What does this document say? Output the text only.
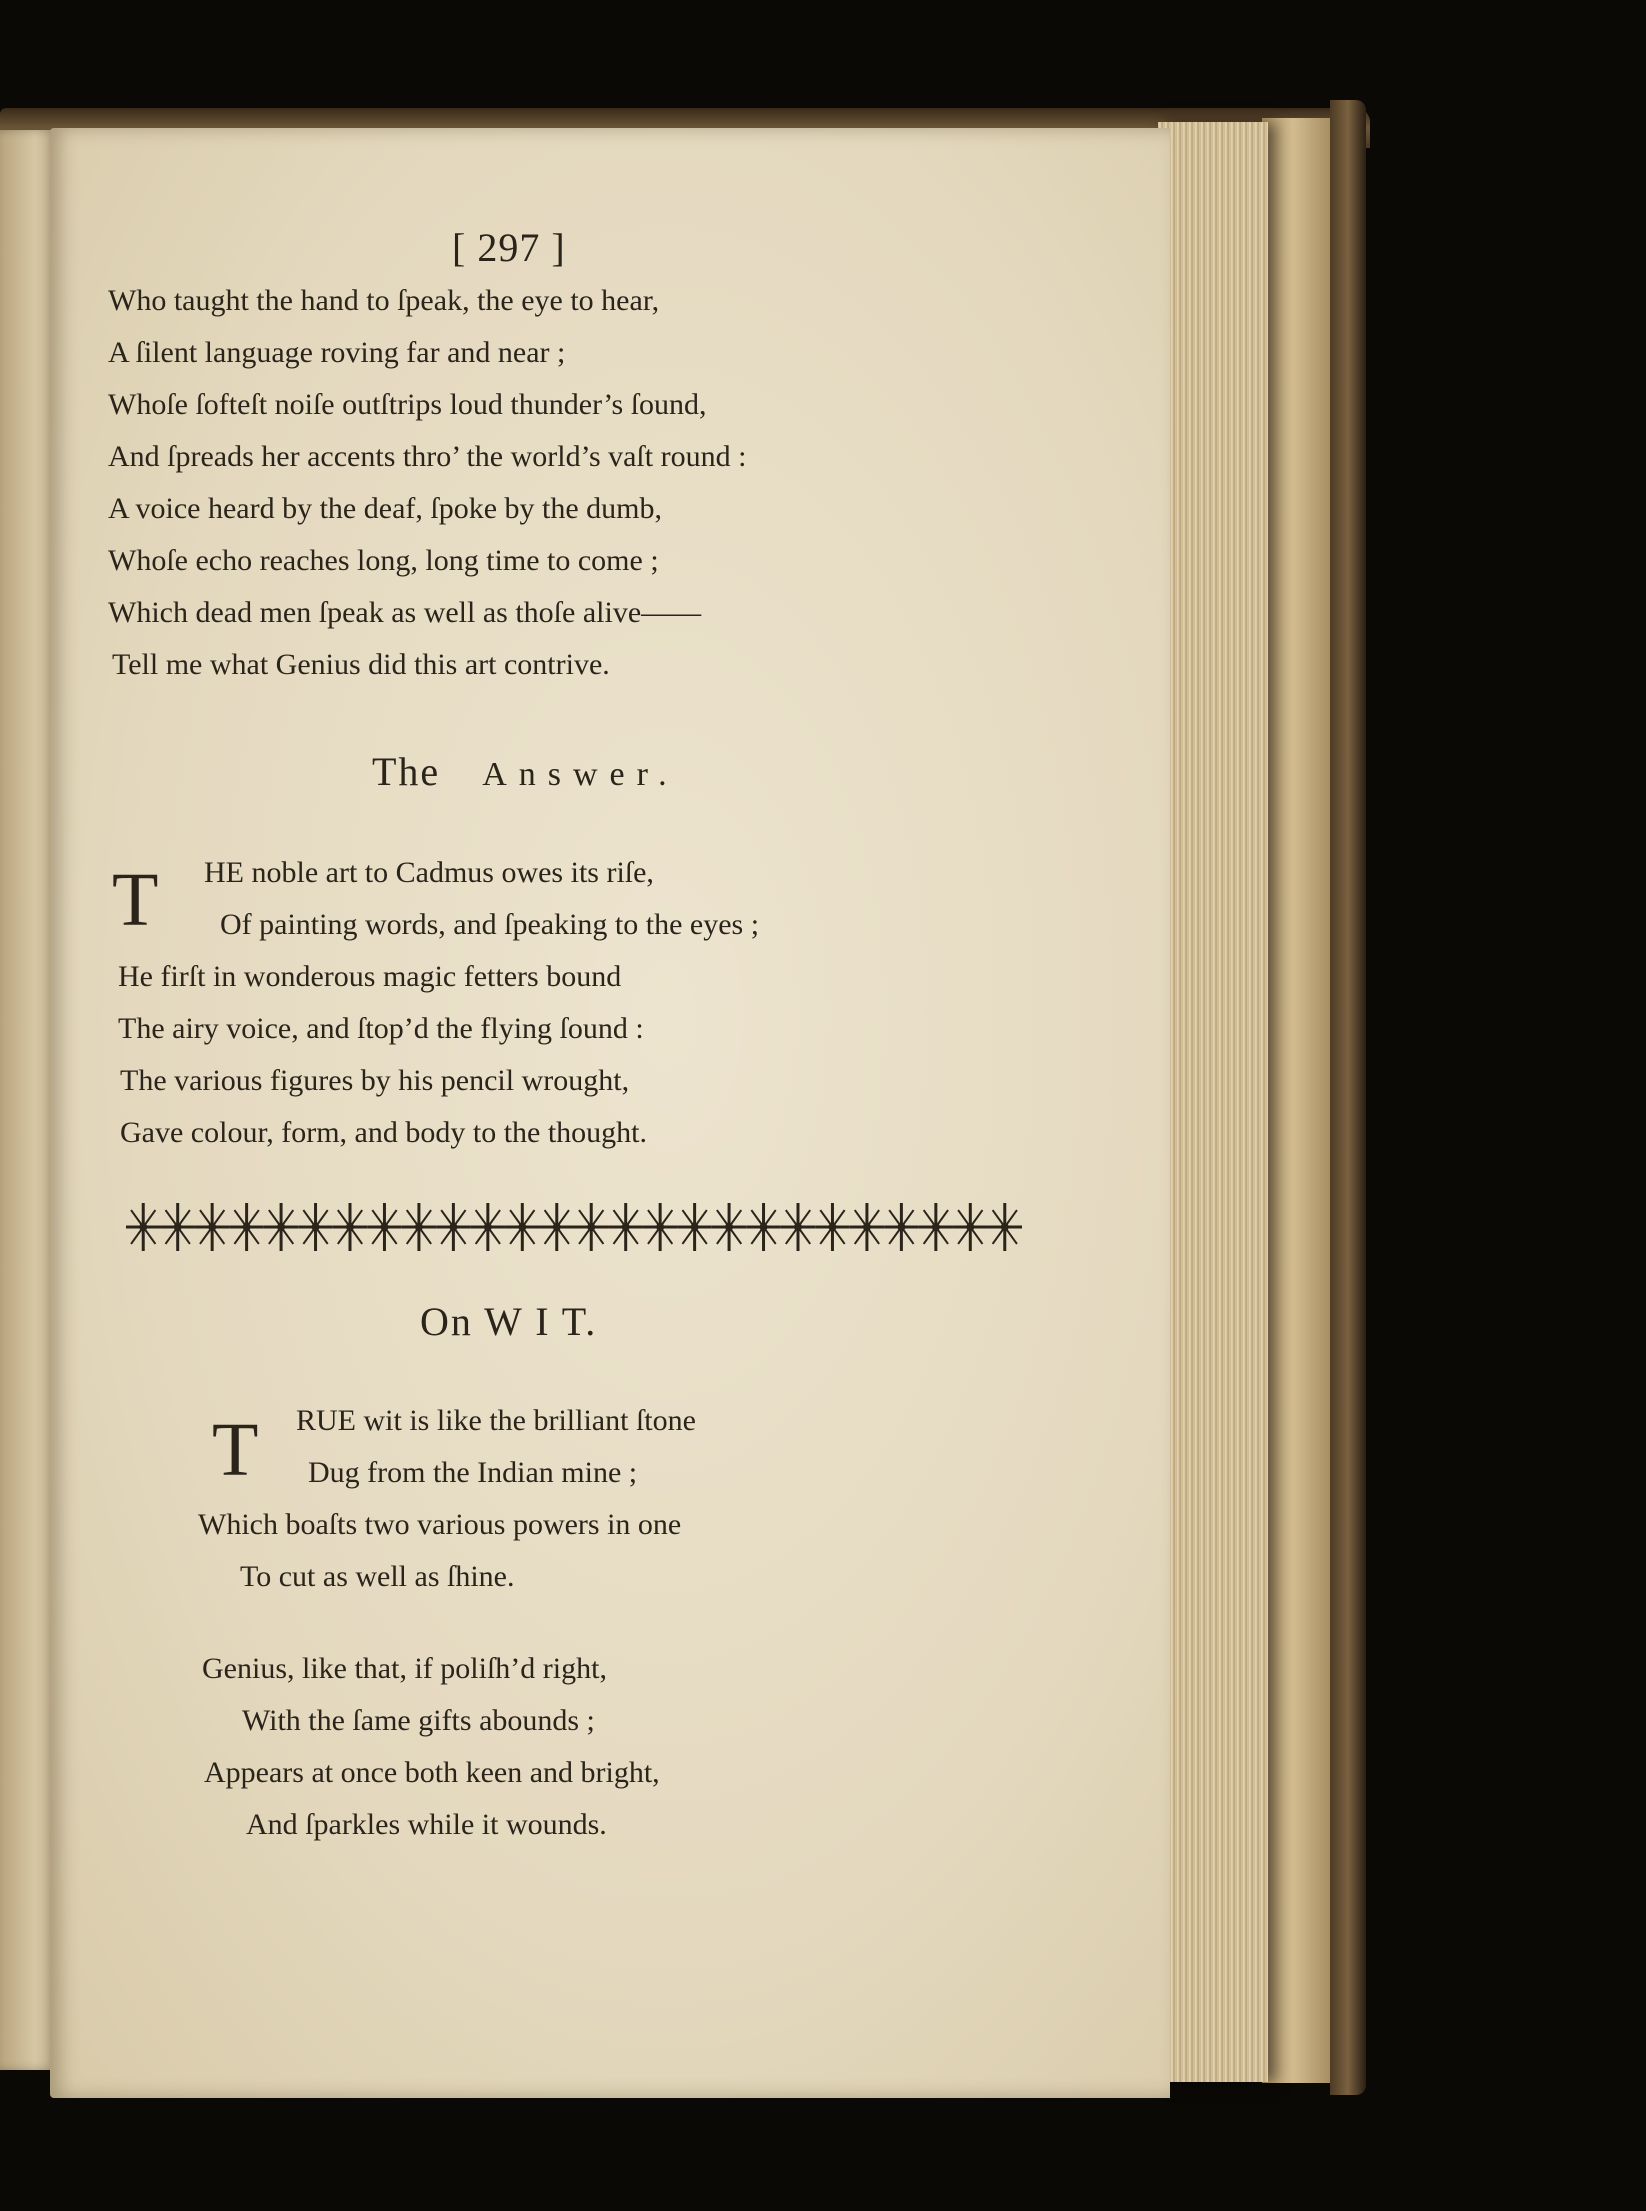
[ 297 ]
Who taught the hand to ſpeak, the eye to hear,
A ſilent language roving far and near ;
Whoſe ſofteſt noiſe outſtrips loud thunder’s ſound,
And ſpreads her accents thro’ the world’s vaſt round :
A voice heard by the deaf, ſpoke by the dumb,
Whoſe echo reaches long, long time to come ;
Which dead men ſpeak as well as thoſe alive——
Tell me what Genius did this art contrive.
The Answer.
T HE noble art to Cadmus owes its riſe,
Of painting words, and ſpeaking to the eyes ;
He firſt in wonderous magic fetters bound
The airy voice, and ſtop’d the flying ſound :
The various figures by his pencil wrought,
Gave colour, form, and body to the thought.
On W I T.
T RUE wit is like the brilliant ſtone
Dug from the Indian mine ;
Which boaſts two various powers in one
To cut as well as ſhine.
Genius, like that, if poliſh’d right,
With the ſame gifts abounds ;
Appears at once both keen and bright,
And ſparkles while it wounds.
